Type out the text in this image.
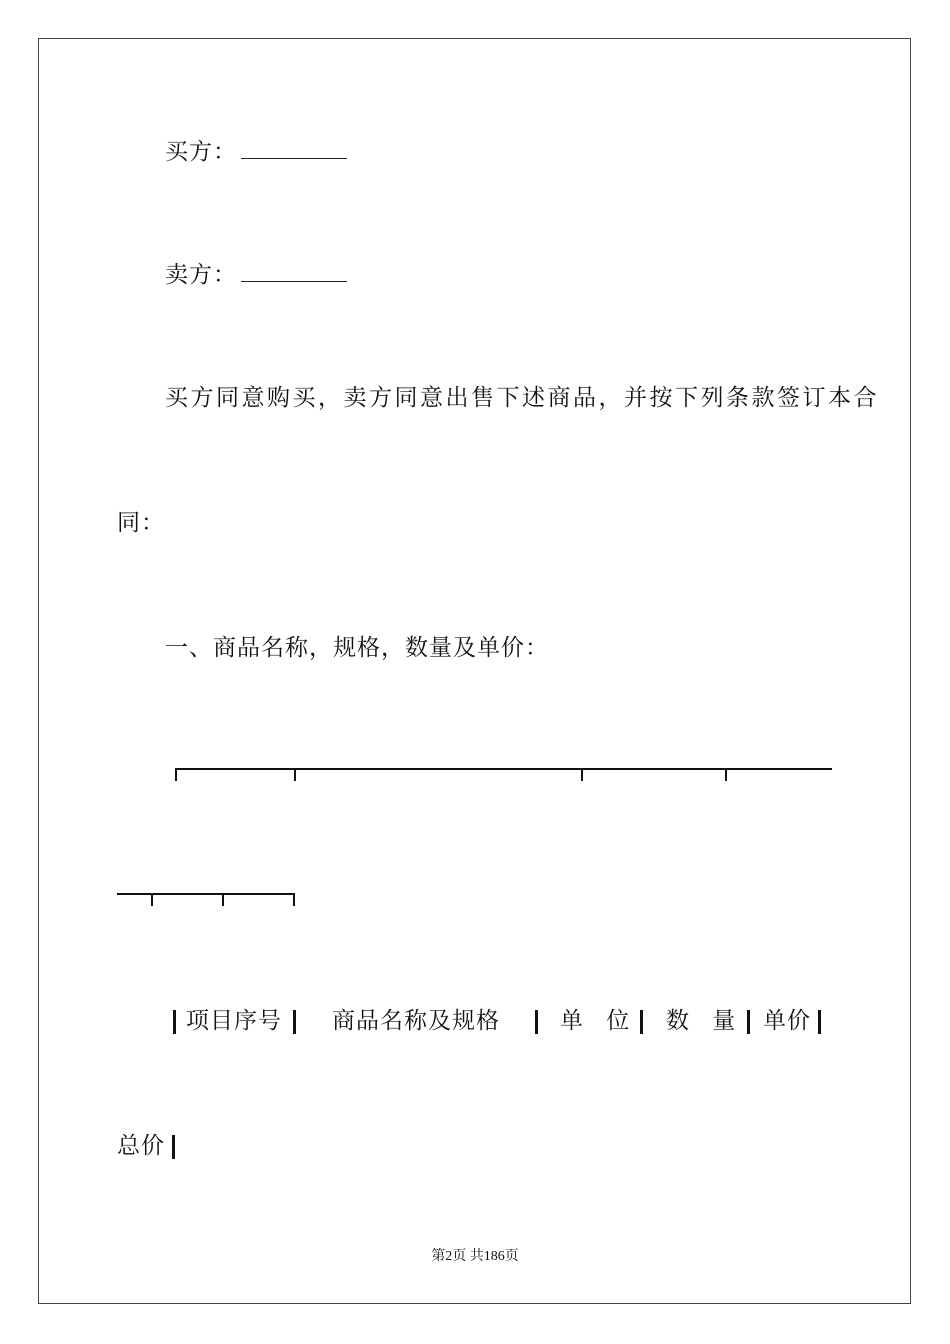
买方：
卖方：
买方同意购买，卖方同意出售下述商品，并按下列条款签订本合
同：
一、商品名称，规格，数量及单价：
项目序号 商品名称及规格	单 位 数 量 单价
总价
第2页 共186页
